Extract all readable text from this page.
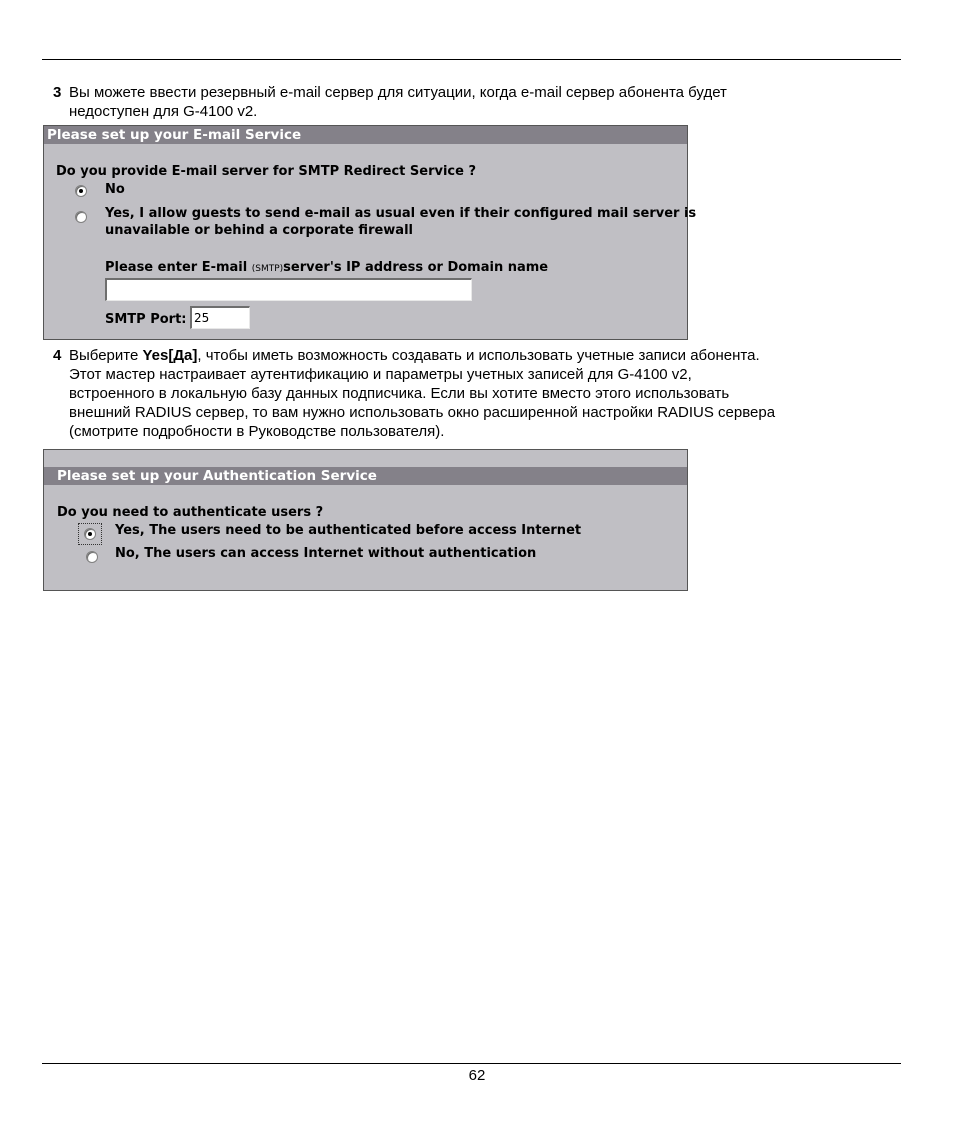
3 Вы можете ввести резервный e-mail сервер для ситуации, когда e-mail сервер абонента будет

недоступен для G-4100 v2.

Please set up your E-mail Service
Do you provide E-mail server for SMTP Redirect Service ?
No
Yes, I allow guests to send e-mail as usual even if their configured mail server is
unavailable or behind a corporate firewall
Please enter E-mail (SMTP)server's IP address or Domain name
SMTP Port:
25
4 Выберите Yes[Да], чтобы иметь возможность создавать и использовать учетные записи абонента.

Этот мастер настраивает аутентификацию и параметры учетных записей для G-4100 v2,

встроенного в локальную базу данных подписчика. Если вы хотите вместо этого использовать

внешний RADIUS сервер, то вам нужно использовать окно расширенной настройки RADIUS сервера

(смотрите подробности в Руководстве пользователя).

Please set up your Authentication Service
Do you need to authenticate users ?
Yes, The users need to be authenticated before access Internet
No, The users can access Internet without authentication
62
